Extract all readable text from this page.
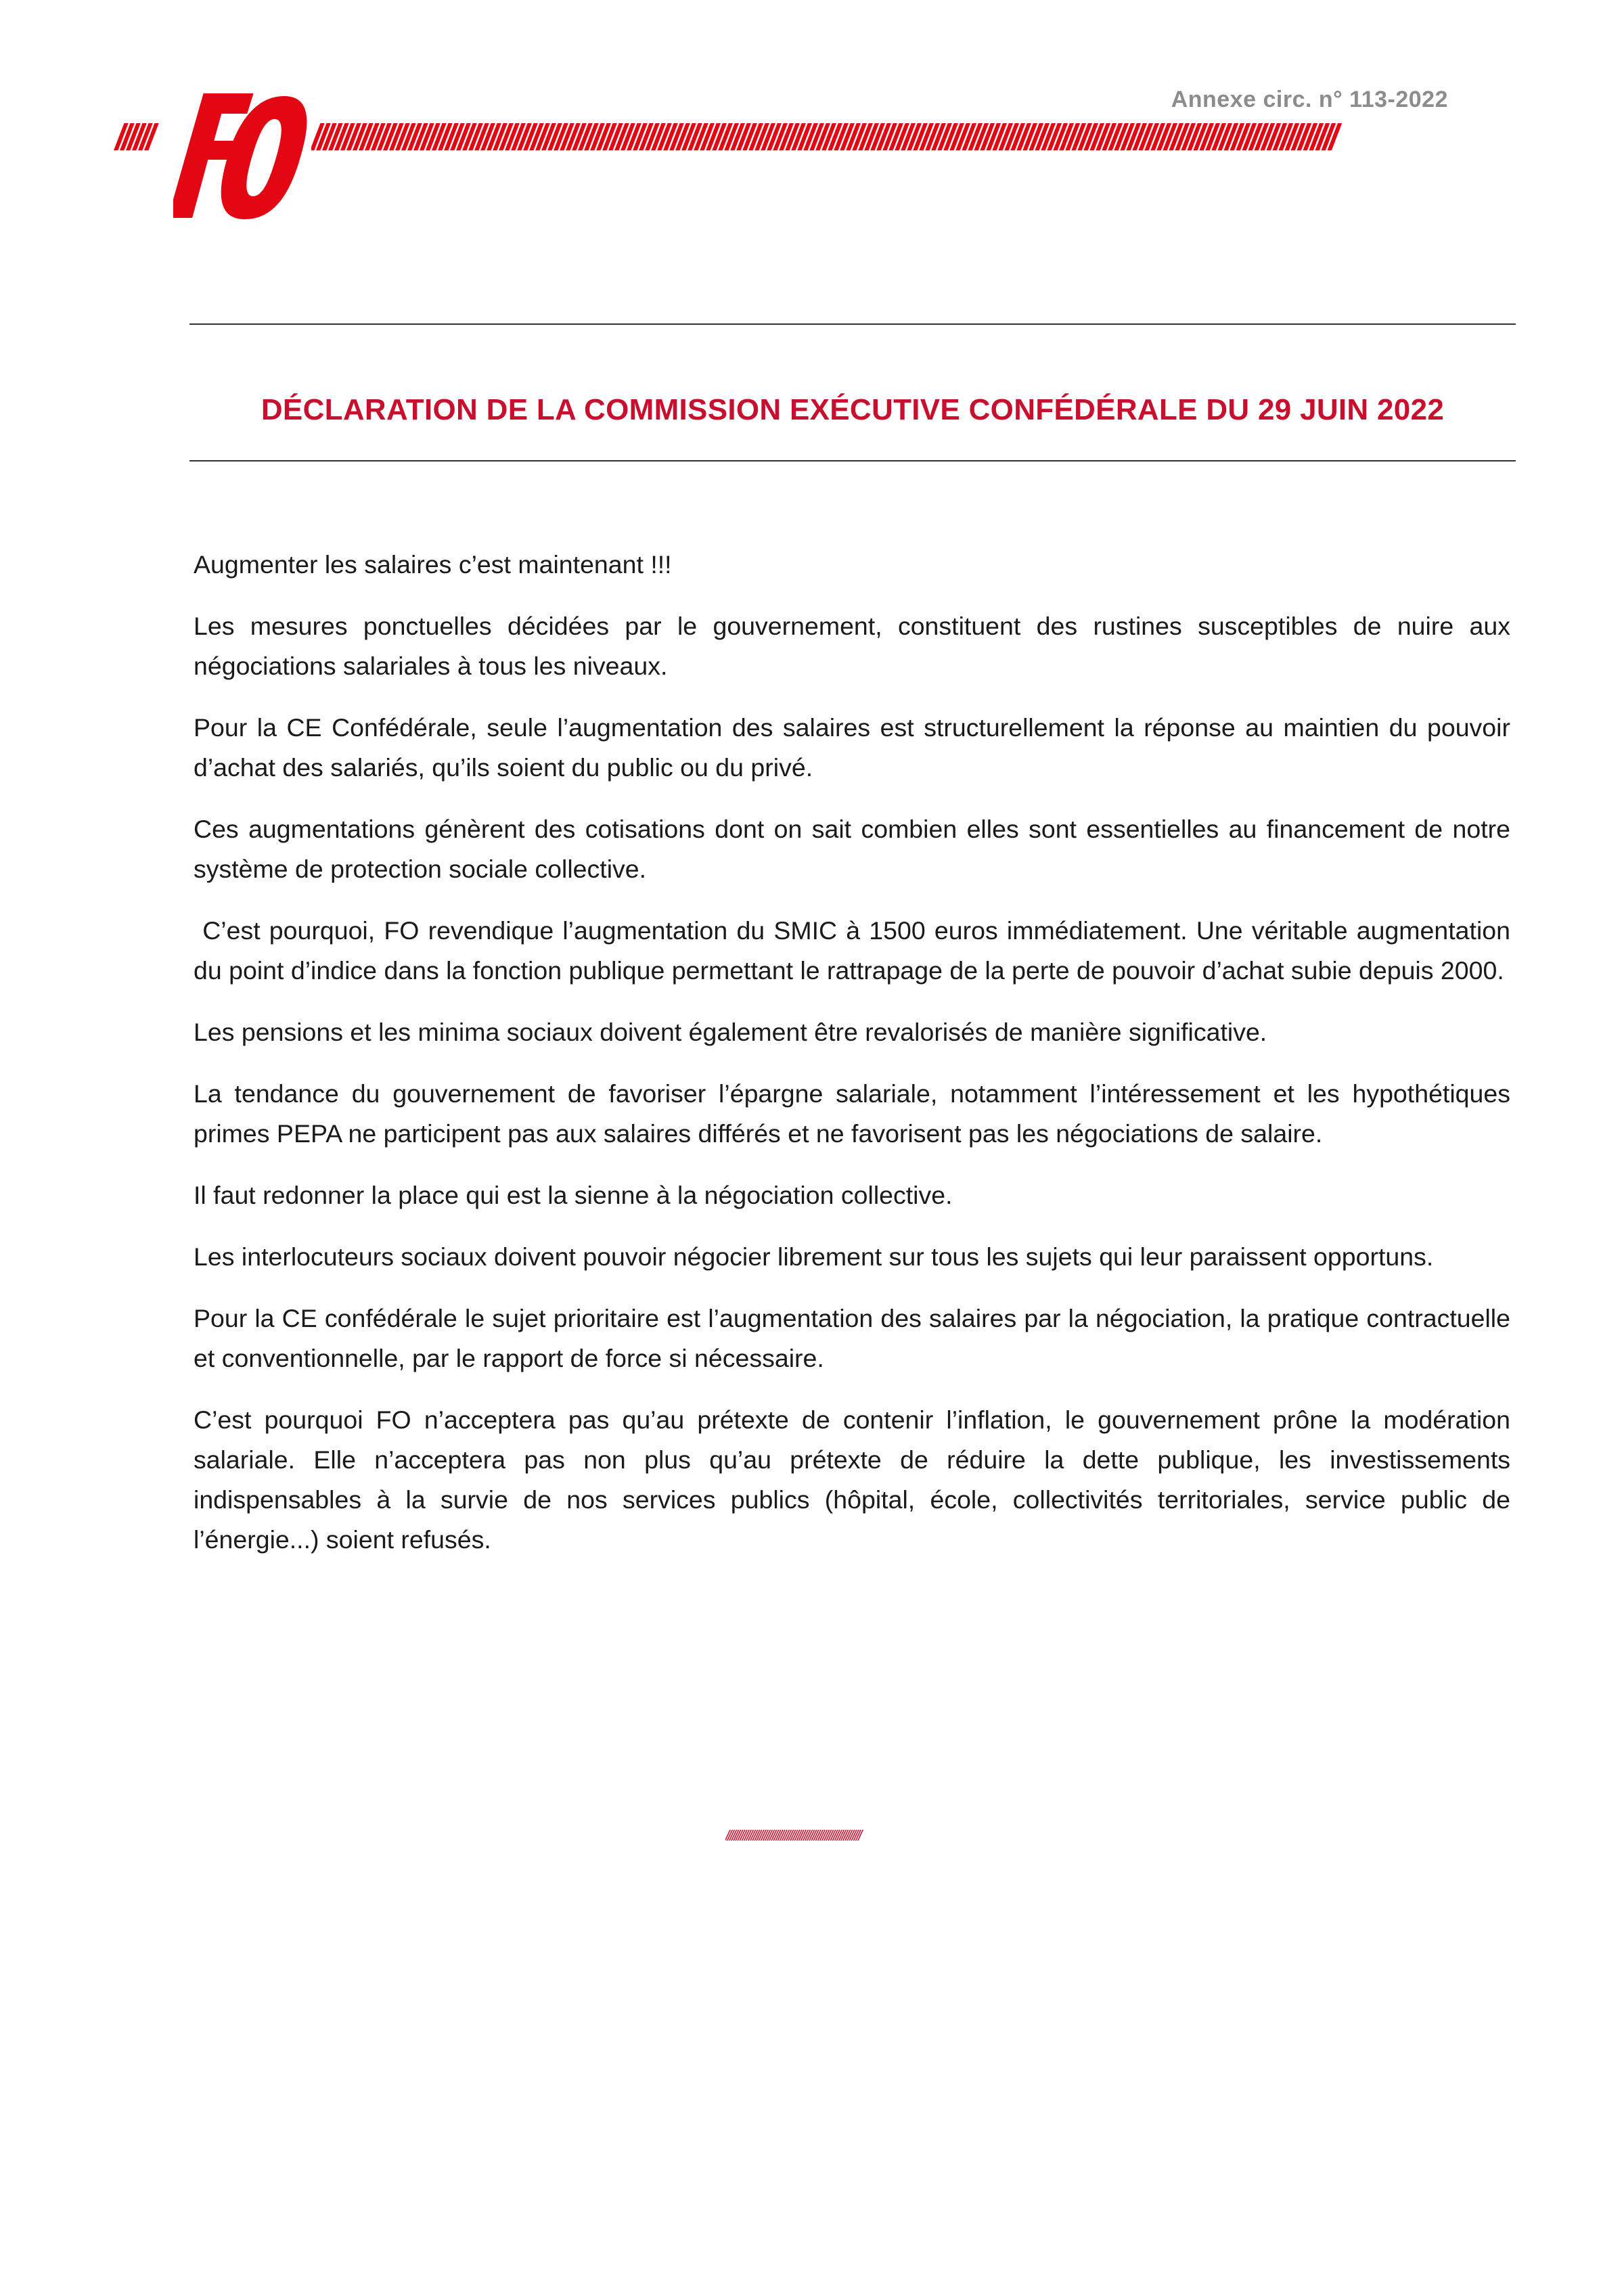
Annexe circ. n° 113-2022
//////	////////////////////////////////////////////////////////////////////////////////////////////////////////////////////////////////////////////////////////////////////////
DÉCLARATION DE LA COMMISSION EXÉCUTIVE CONFÉDÉRALE DU 29 JUIN 2022

Augmenter les salaires c’est maintenant !!!

Les mesures ponctuelles décidées par le gouvernement, constituent des rustines susceptibles de nuire aux négociations salariales à tous les niveaux.

Pour la CE Confédérale, seule l’augmentation des salaires est structurellement la réponse au maintien du pouvoir d’achat des salariés, qu’ils soient du public ou du privé.

Ces augmentations génèrent des cotisations dont on sait combien elles sont essentielles au financement de notre système de protection sociale collective.

C’est pourquoi, FO revendique l’augmentation du SMIC à 1500 euros immédiatement. Une véritable augmentation du point d’indice dans la fonction publique permettant le rattrapage de la perte de pouvoir d’achat subie depuis 2000.

Les pensions et les minima sociaux doivent également être revalorisés de manière significative.

La tendance du gouvernement de favoriser l’épargne salariale, notamment l’intéressement et les hypothétiques primes PEPA ne participent pas aux salaires différés et ne favorisent pas les négociations de salaire.

Il faut redonner la place qui est la sienne à la négociation collective.

Les interlocuteurs sociaux doivent pouvoir négocier librement sur tous les sujets qui leur paraissent opportuns.

Pour la CE confédérale le sujet prioritaire est l’augmentation des salaires par la négociation, la pratique contractuelle et conventionnelle, par le rapport de force si nécessaire.

C’est pourquoi FO n’acceptera pas qu’au prétexte de contenir l’inflation, le gouvernement prône la modération salariale. Elle n’acceptera pas non plus qu’au prétexte de réduire la dette publique, les investissements indispensables à la survie de nos services publics (hôpital, école, collectivités territoriales, service public de l’énergie...) soient refusés.

////////////////////////////////////////////////////////////////
